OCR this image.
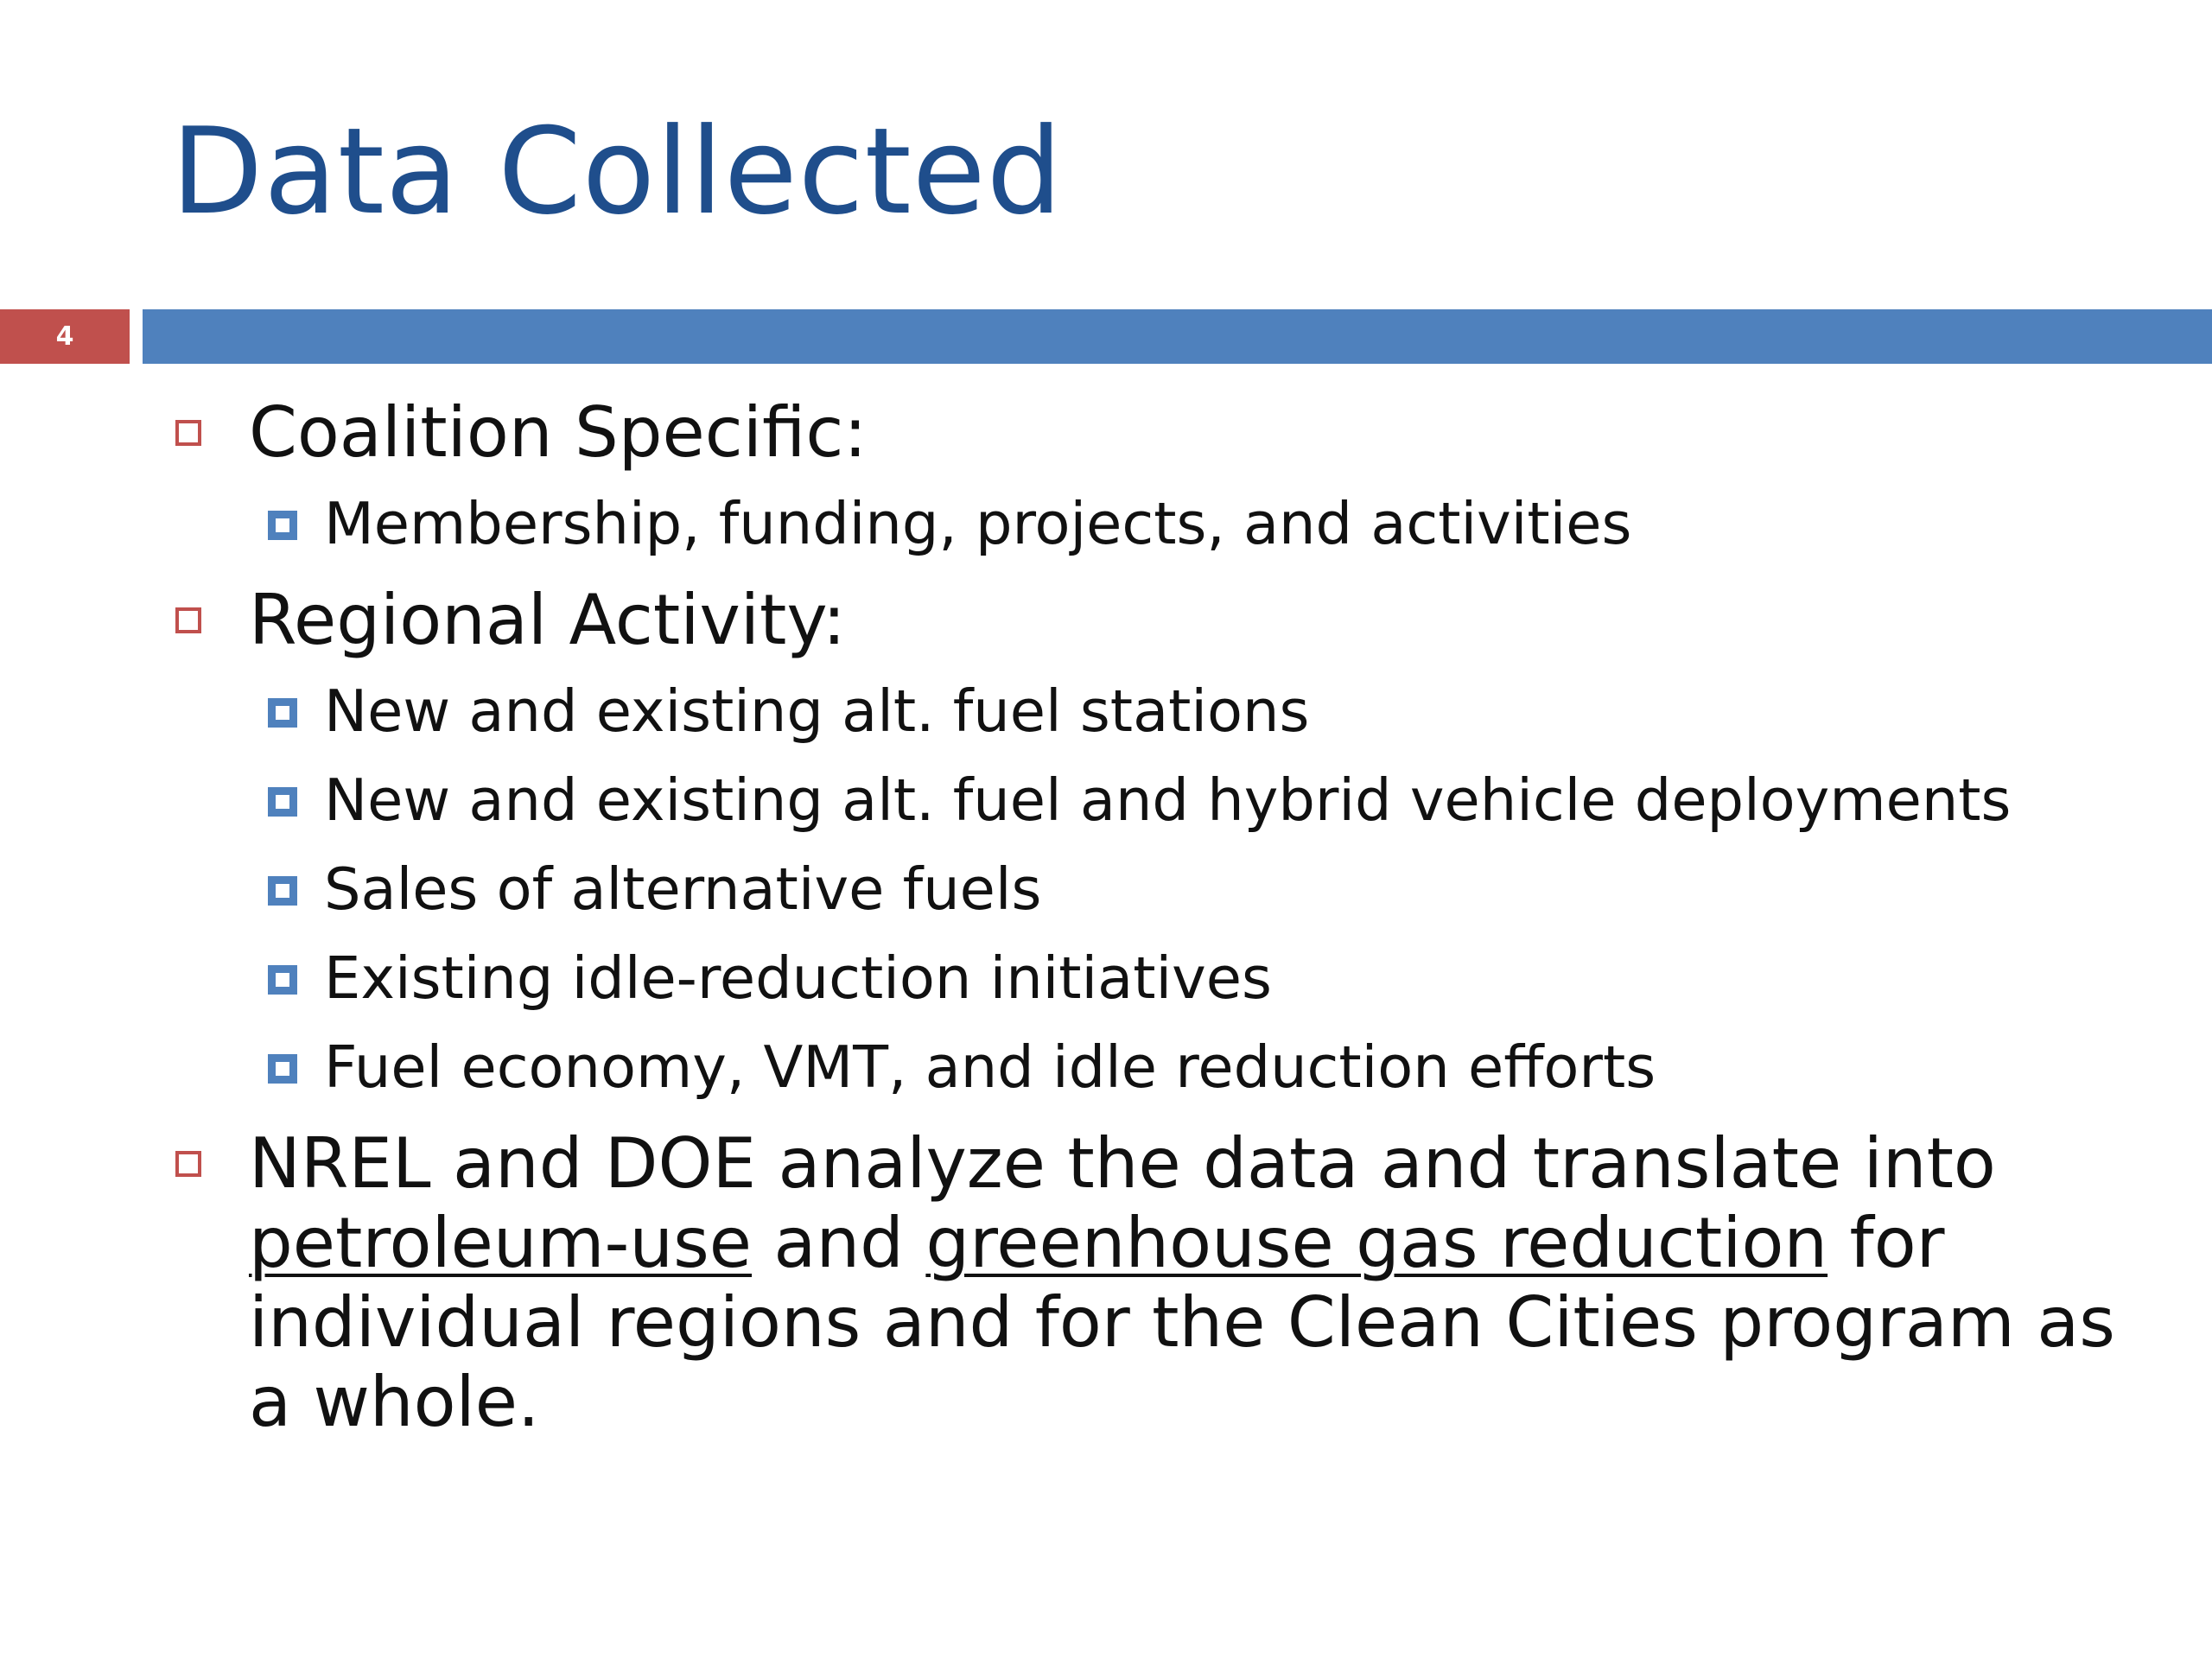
Data Collected
4
Coalition Specific:
Membership, funding, projects, and activities
Regional Activity:
New and existing alt. fuel stations
New and existing alt. fuel and hybrid vehicle deployments
Sales of alternative fuels
Existing idle-reduction initiatives
Fuel economy, VMT, and idle reduction efforts
NREL and DOE analyze the data and translate into petroleum-use and greenhouse gas reduction for individual regions and for the Clean Cities program as a whole.
